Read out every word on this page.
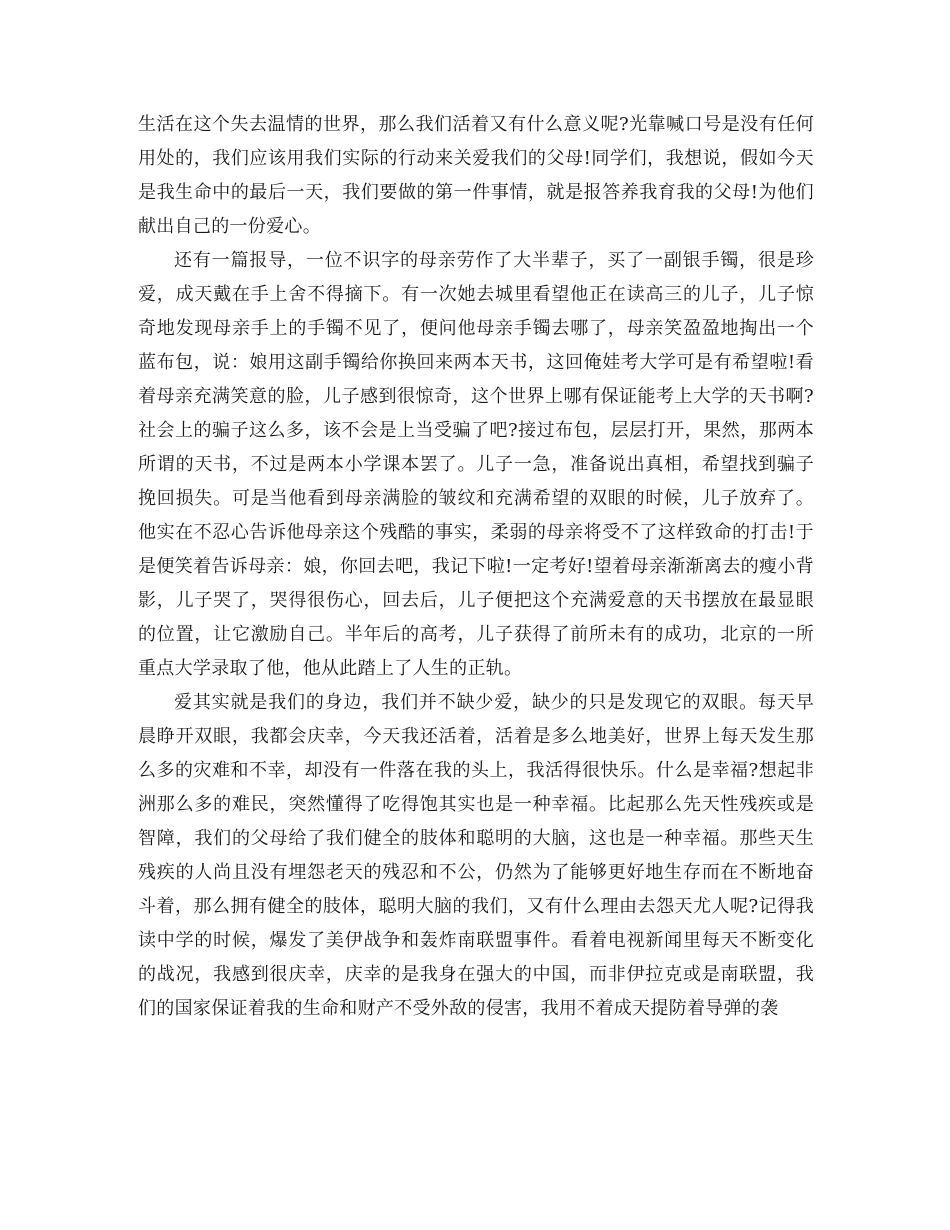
生活在这个失去温情的世界，那么我们活着又有什么意义呢?光靠喊口号是没有任何用处的，我们应该用我们实际的行动来关爱我们的父母!同学们，我想说，假如今天是我生命中的最后一天，我们要做的第一件事情，就是报答养我育我的父母!为他们献出自己的一份爱心。

还有一篇报导，一位不识字的母亲劳作了大半辈子，买了一副银手镯，很是珍爱，成天戴在手上舍不得摘下。有一次她去城里看望他正在读高三的儿子，儿子惊奇地发现母亲手上的手镯不见了，便问他母亲手镯去哪了，母亲笑盈盈地掏出一个蓝布包，说：娘用这副手镯给你换回来两本天书，这回俺娃考大学可是有希望啦!看着母亲充满笑意的脸，儿子感到很惊奇，这个世界上哪有保证能考上大学的天书啊?社会上的骗子这么多，该不会是上当受骗了吧?接过布包，层层打开，果然，那两本所谓的天书，不过是两本小学课本罢了。儿子一急，准备说出真相，希望找到骗子挽回损失。可是当他看到母亲满脸的皱纹和充满希望的双眼的时候，儿子放弃了。他实在不忍心告诉他母亲这个残酷的事实，柔弱的母亲将受不了这样致命的打击!于是便笑着告诉母亲：娘，你回去吧，我记下啦!一定考好!望着母亲渐渐离去的瘦小背影，儿子哭了，哭得很伤心，回去后，儿子便把这个充满爱意的天书摆放在最显眼的位置，让它激励自己。半年后的高考，儿子获得了前所未有的成功，北京的一所重点大学录取了他，他从此踏上了人生的正轨。

爱其实就是我们的身边，我们并不缺少爱，缺少的只是发现它的双眼。每天早晨睁开双眼，我都会庆幸，今天我还活着，活着是多么地美好，世界上每天发生那么多的灾难和不幸，却没有一件落在我的头上，我活得很快乐。什么是幸福?想起非洲那么多的难民，突然懂得了吃得饱其实也是一种幸福。比起那么先天性残疾或是智障，我们的父母给了我们健全的肢体和聪明的大脑，这也是一种幸福。那些天生残疾的人尚且没有埋怨老天的残忍和不公，仍然为了能够更好地生存而在不断地奋斗着，那么拥有健全的肢体，聪明大脑的我们，又有什么理由去怨天尤人呢?记得我读中学的时候，爆发了美伊战争和轰炸南联盟事件。看着电视新闻里每天不断变化的战况，我感到很庆幸，庆幸的是我身在强大的中国，而非伊拉克或是南联盟，我们的国家保证着我的生命和财产不受外敌的侵害，我用不着成天提防着导弹的袭
